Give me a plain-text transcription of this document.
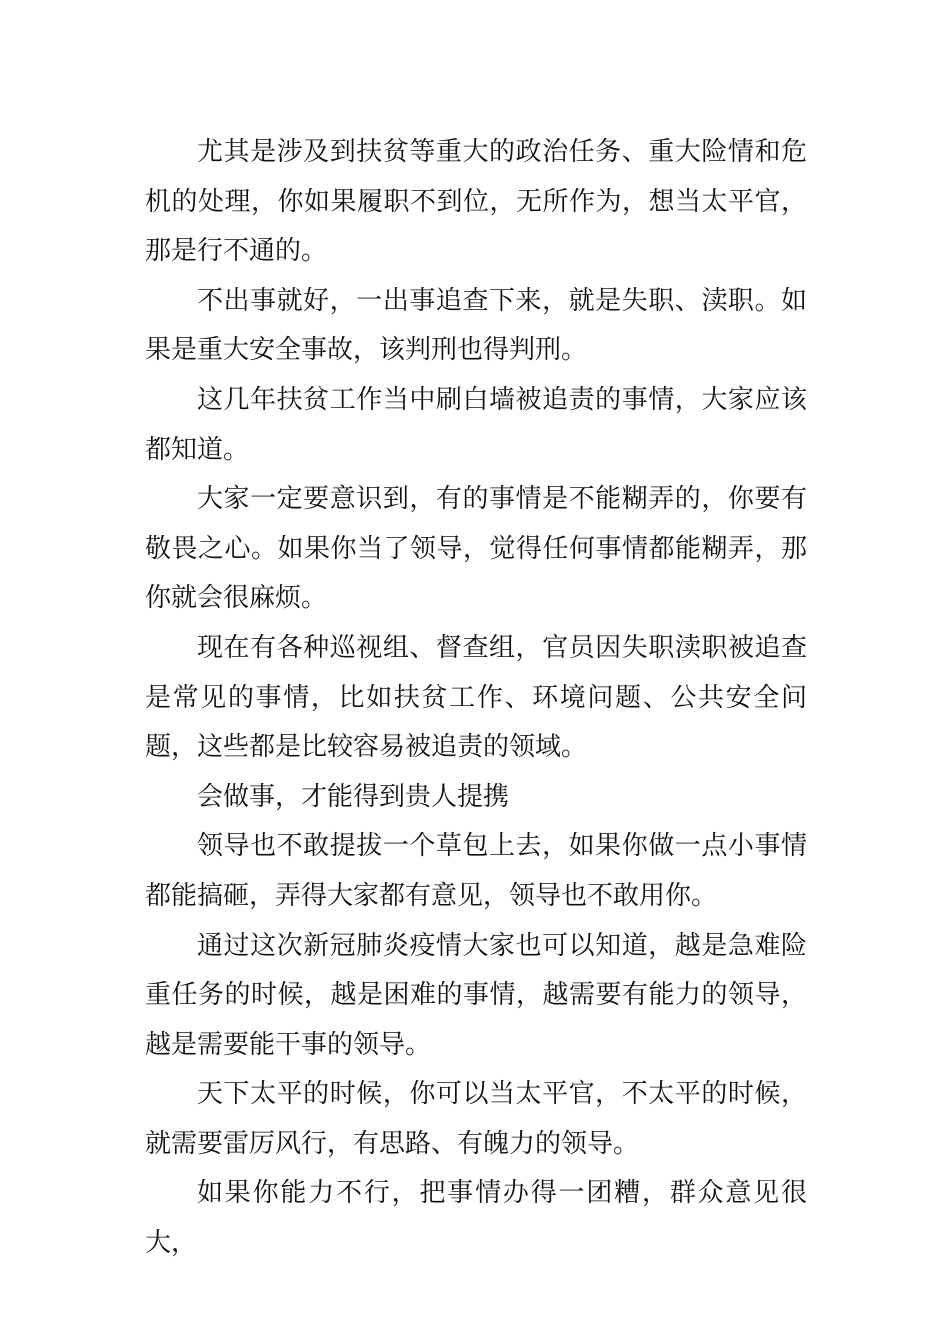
尤其是涉及到扶贫等重大的政治任务、重大险情和危机的处理，你如果履职不到位，无所作为，想当太平官，那是行不通的。

不出事就好，一出事追查下来，就是失职、渎职。如果是重大安全事故，该判刑也得判刑。

这几年扶贫工作当中刷白墙被追责的事情，大家应该都知道。

大家一定要意识到，有的事情是不能糊弄的，你要有敬畏之心。如果你当了领导，觉得任何事情都能糊弄，那你就会很麻烦。

现在有各种巡视组、督查组，官员因失职渎职被追查是常见的事情，比如扶贫工作、环境问题、公共安全问题，这些都是比较容易被追责的领域。

会做事，才能得到贵人提携

领导也不敢提拔一个草包上去，如果你做一点小事情都能搞砸，弄得大家都有意见，领导也不敢用你。

通过这次新冠肺炎疫情大家也可以知道，越是急难险重任务的时候，越是困难的事情，越需要有能力的领导，越是需要能干事的领导。

天下太平的时候，你可以当太平官，不太平的时候，就需要雷厉风行，有思路、有魄力的领导。

如果你能力不行，把事情办得一团糟，群众意见很大，
